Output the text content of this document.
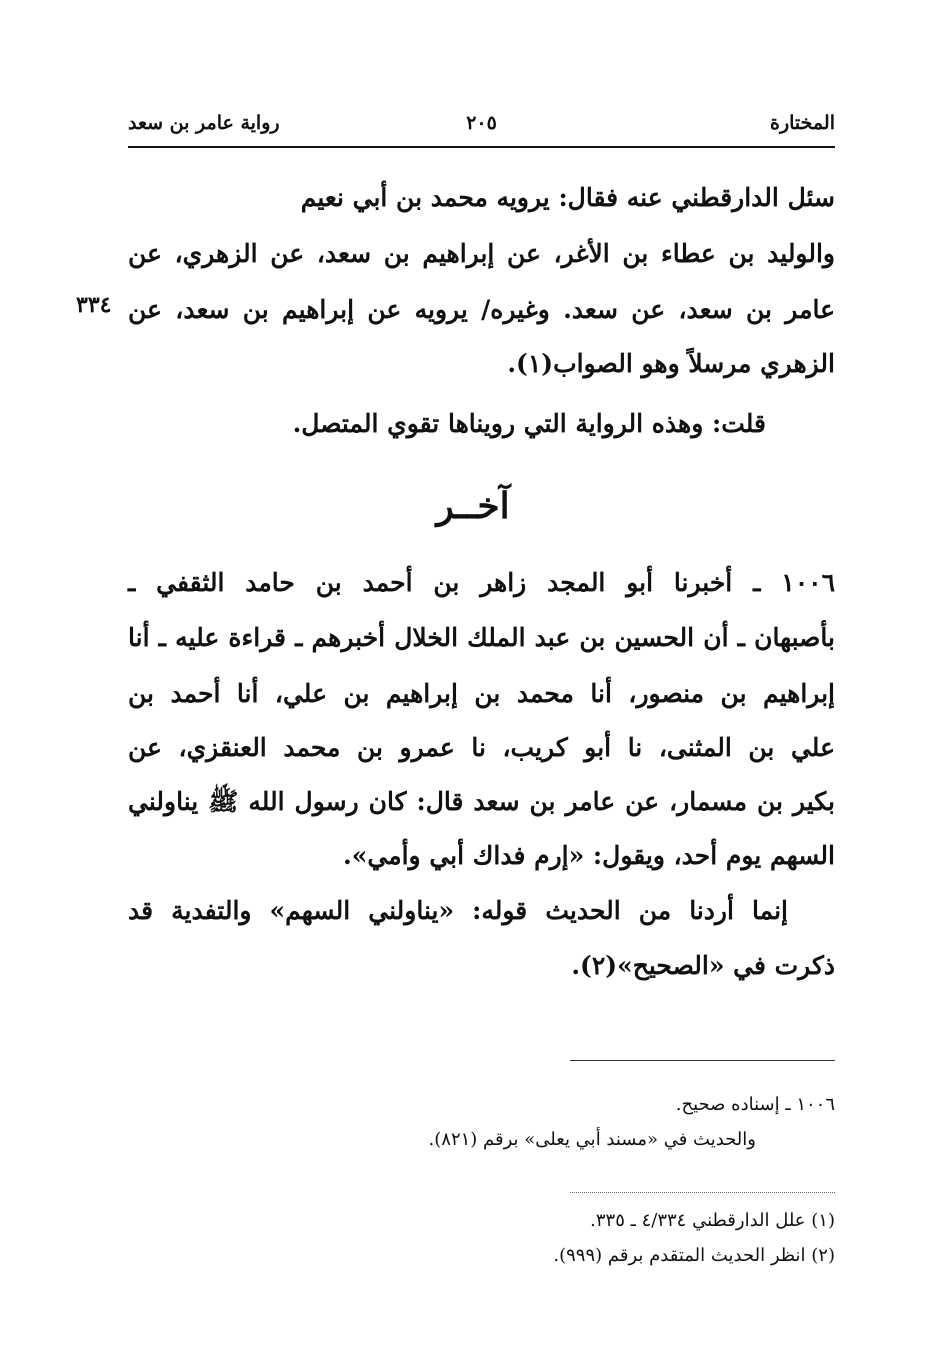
المختارة
٢٠٥
رواية عامر بن سعد
سئل الدارقطني عنه فقال: يرويه محمد بن أبي نعيم
والوليد بن عطاء بن الأغر، عن إبراهيم بن سعد، عن الزهري، عن
عامر بن سعد، عن سعد. وغيره/ يرويه عن إبراهيم بن سعد، عن
الزهري مرسلاً وهو الصواب(١).
٣٣٤
قلت: وهذه الرواية التي رويناها تقوي المتصل.
آخــر
١٠٠٦ ـ أخبرنا أبو المجد زاهر بن أحمد بن حامد الثقفي ـ
بأصبهان ـ أن الحسين بن عبد الملك الخلال أخبرهم ـ قراءة عليه ـ أنا
إبراهيم بن منصور، أنا محمد بن إبراهيم بن علي، أنا أحمد بن
علي بن المثنى، نا أبو كريب، نا عمرو بن محمد العنقزي، عن
بكير بن مسمار، عن عامر بن سعد قال: كان رسول الله ﷺ يناولني
السهم يوم أحد، ويقول: «إرم فداك أبي وأمي».
إنما أردنا من الحديث قوله: «يناولني السهم» والتفدية قد
ذكرت في «الصحيح»(٢).
١٠٠٦ ـ إسناده صحيح.
والحديث في «مسند أبي يعلى» برقم (٨٢١).
(١) علل الدارقطني ٤/٣٣٤ ـ ٣٣٥.
(٢) انظر الحديث المتقدم برقم (٩٩٩).
